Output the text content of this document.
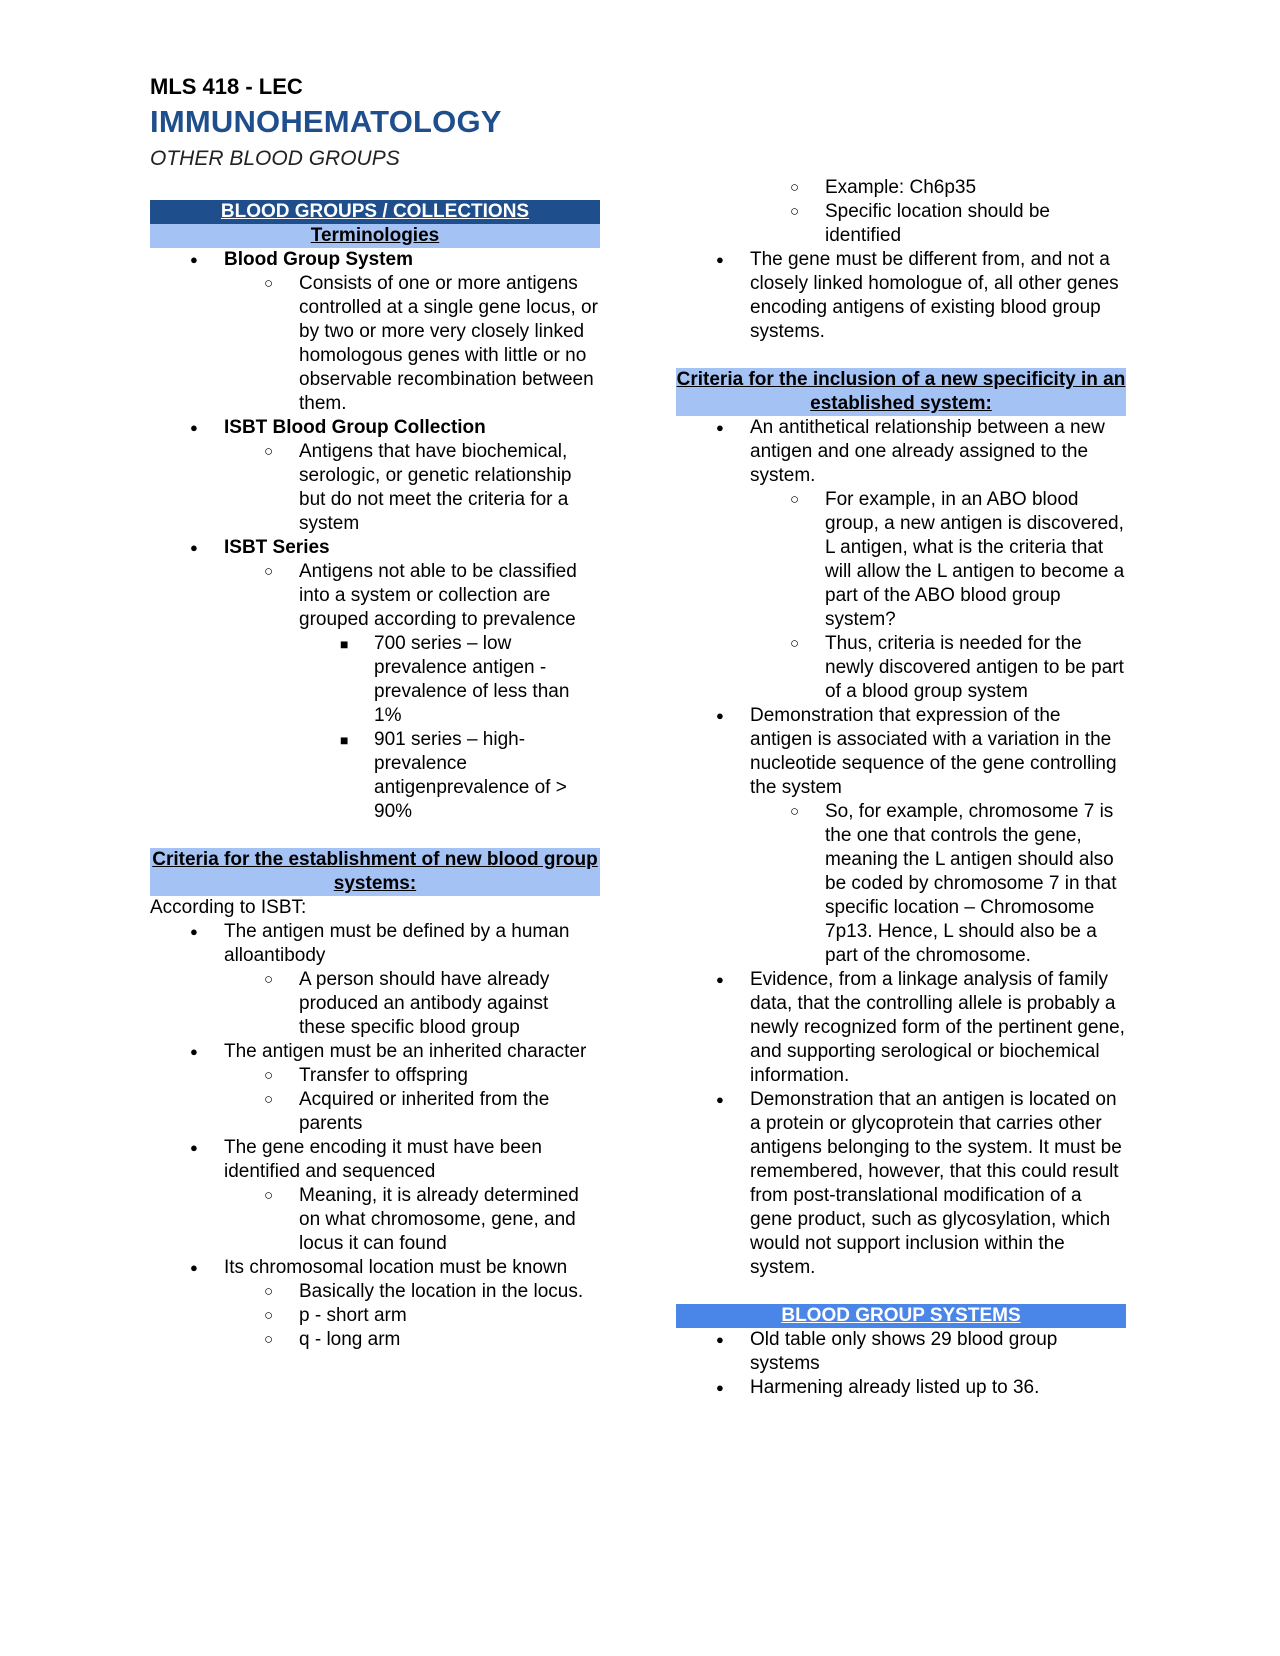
MLS 418 - LEC
IMMUNOHEMATOLOGY
OTHER BLOOD GROUPS
BLOOD GROUPS / COLLECTIONS
Terminologies
● Blood Group System
○ Consists of one or more antigens controlled at a single gene locus, or by two or more very closely linked homologous genes with little or no observable recombination between them.
● ISBT Blood Group Collection
○ Antigens that have biochemical, serologic, or genetic relationship but do not meet the criteria for a system
● ISBT Series
○ Antigens not able to be classified into a system or collection are grouped according to prevalence
■ 700 series – low prevalence antigen - prevalence of less than 1%
■ 901 series – high-prevalence antigenprevalence of > 90%
Criteria for the establishment of new blood group systems:
According to ISBT:
● The antigen must be defined by a human alloantibody
○ A person should have already produced an antibody against these specific blood group
● The antigen must be an inherited character
○ Transfer to offspring
○ Acquired or inherited from the parents
● The gene encoding it must have been identified and sequenced
○ Meaning, it is already determined on what chromosome, gene, and locus it can found
● Its chromosomal location must be known
○ Basically the location in the locus.
○ p - short arm
○ q - long arm
○ Example: Ch6p35
○ Specific location should be identified
● The gene must be different from, and not a closely linked homologue of, all other genes encoding antigens of existing blood group systems.
Criteria for the inclusion of a new specificity in an established system:
● An antithetical relationship between a new antigen and one already assigned to the system.
○ For example, in an ABO blood group, a new antigen is discovered, L antigen, what is the criteria that will allow the L antigen to become a part of the ABO blood group system?
○ Thus, criteria is needed for the newly discovered antigen to be part of a blood group system
● Demonstration that expression of the antigen is associated with a variation in the nucleotide sequence of the gene controlling the system
○ So, for example, chromosome 7 is the one that controls the gene, meaning the L antigen should also be coded by chromosome 7 in that specific location – Chromosome 7p13. Hence, L should also be a part of the chromosome.
● Evidence, from a linkage analysis of family data, that the controlling allele is probably a newly recognized form of the pertinent gene, and supporting serological or biochemical information.
● Demonstration that an antigen is located on a protein or glycoprotein that carries other antigens belonging to the system. It must be remembered, however, that this could result from post-translational modification of a gene product, such as glycosylation, which would not support inclusion within the system.
BLOOD GROUP SYSTEMS
● Old table only shows 29 blood group systems
● Harmening already listed up to 36.
